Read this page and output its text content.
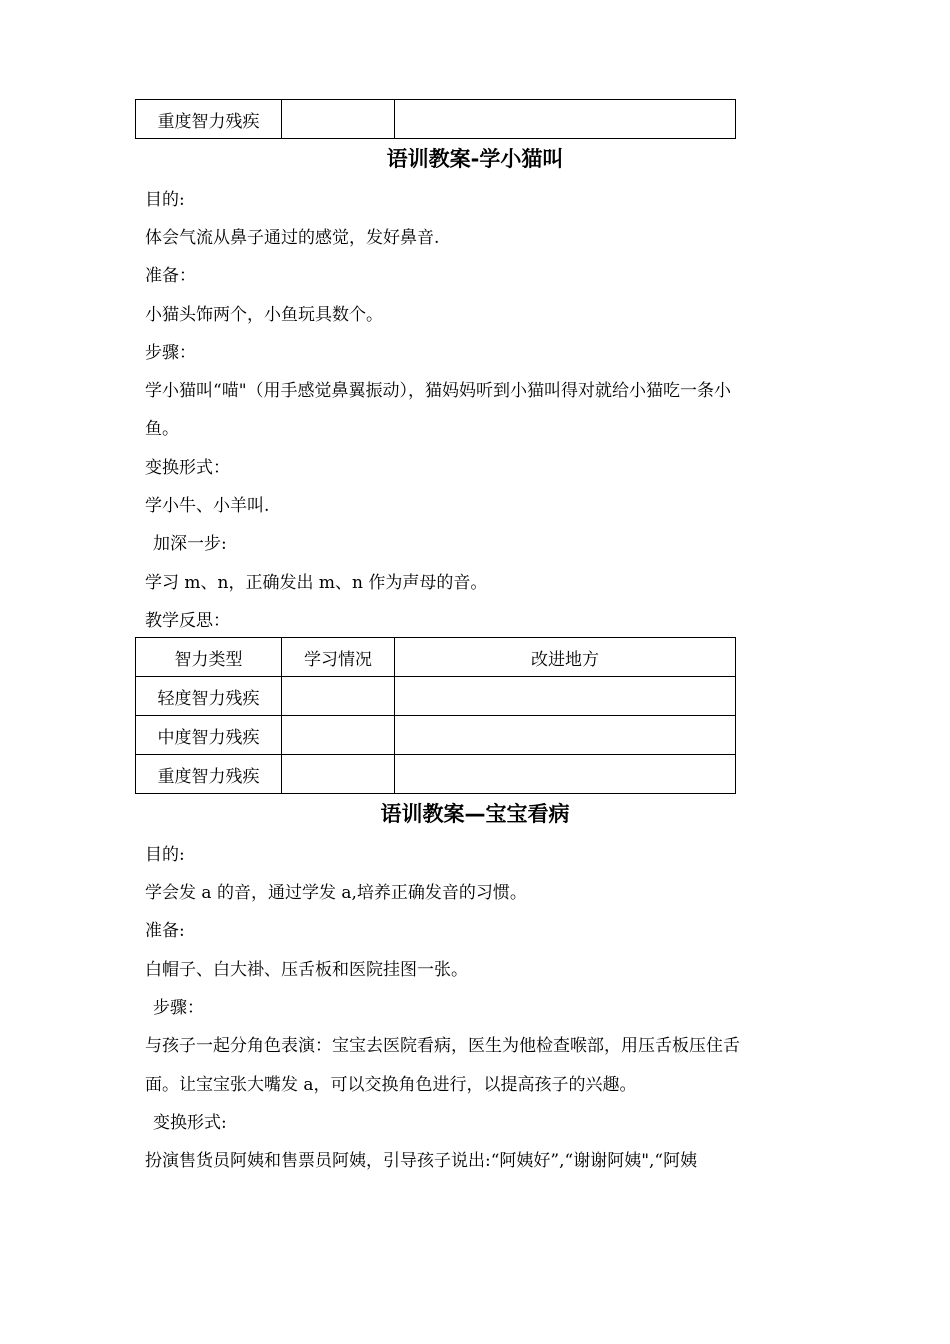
重度智力残疾		
语训教案-学小猫叫
目的:
体会气流从鼻子通过的感觉，发好鼻音.
准备：
小猫头饰两个，小鱼玩具数个。
步骤：
学小猫叫“喵"（用手感觉鼻翼振动），猫妈妈听到小猫叫得对就给小猫吃一条小
鱼。
变换形式：
学小牛、小羊叫.
加深一步:
学习 m、n，正确发出 m、n 作为声母的音。
教学反思：
智力类型	学习情况	改进地方
轻度智力残疾		
中度智力残疾		
重度智力残疾		
语训教案—宝宝看病
目的:
学会发 a 的音，通过学发 a,培养正确发音的习惯。
准备:
白帽子、白大褂、压舌板和医院挂图一张。
步骤：
与孩子一起分角色表演：宝宝去医院看病，医生为他检查喉部，用压舌板压住舌
面。让宝宝张大嘴发 a，可以交换角色进行，以提高孩子的兴趣。
变换形式:
扮演售货员阿姨和售票员阿姨，引导孩子说出:“阿姨好”,“谢谢阿姨",“阿姨
